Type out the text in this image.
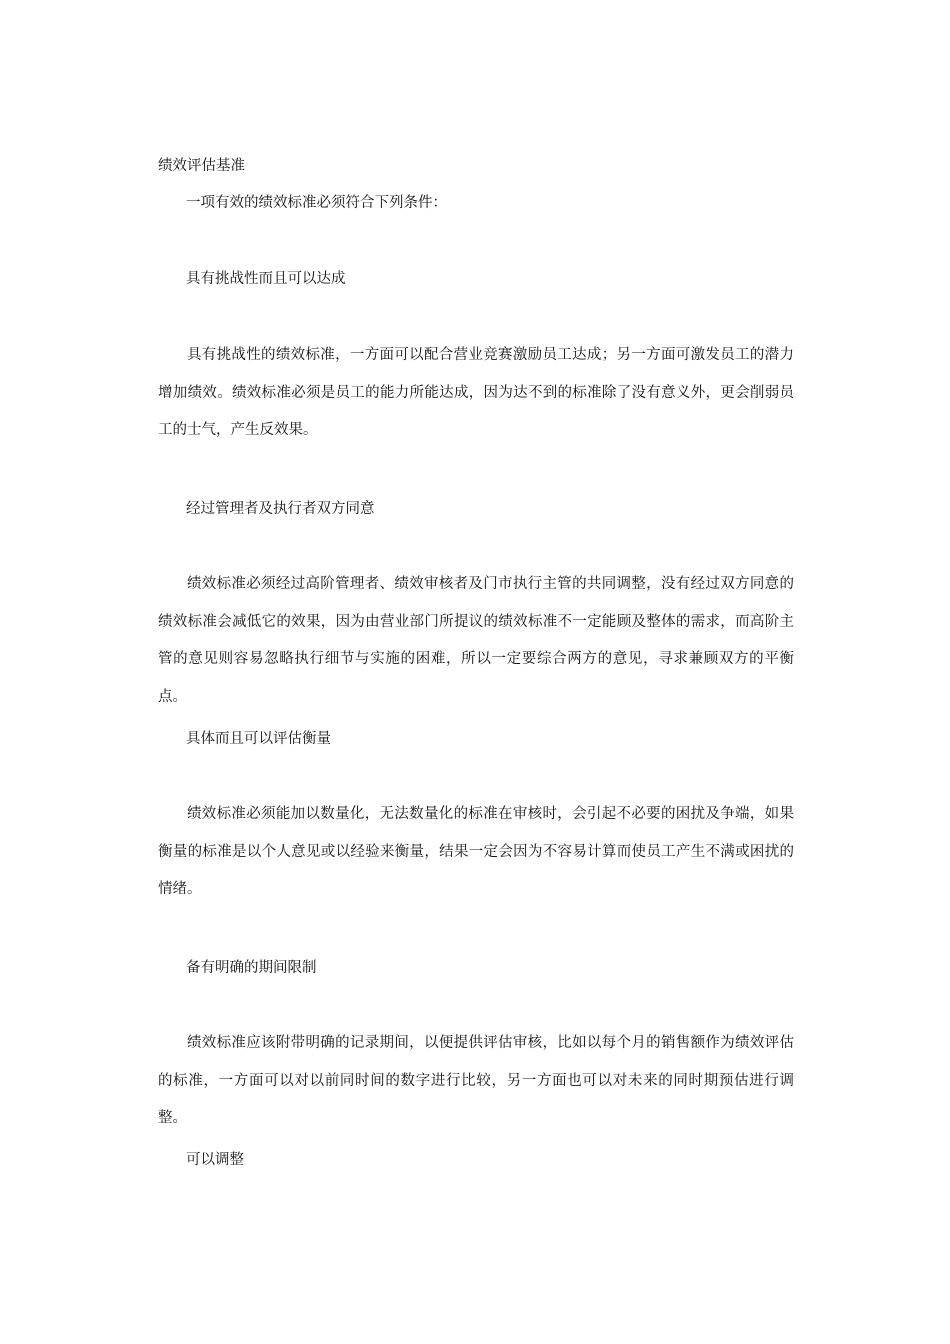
绩效评估基准
一项有效的绩效标准必须符合下列条件：
具有挑战性而且可以达成

具有挑战性的绩效标准，一方面可以配合营业竞赛激励员工达成；另一方面可激发员工的潜力增加绩效。绩效标准必须是员工的能力所能达成，因为达不到的标准除了没有意义外，更会削弱员工的士气，产生反效果。

经过管理者及执行者双方同意

绩效标准必须经过高阶管理者、绩效审核者及门市执行主管的共同调整，没有经过双方同意的绩效标准会减低它的效果，因为由营业部门所提议的绩效标准不一定能顾及整体的需求，而高阶主管的意见则容易忽略执行细节与实施的困难，所以一定要综合两方的意见，寻求兼顾双方的平衡点。

具体而且可以评估衡量

绩效标准必须能加以数量化，无法数量化的标准在审核时，会引起不必要的困扰及争端，如果衡量的标准是以个人意见或以经验来衡量，结果一定会因为不容易计算而使员工产生不满或困扰的情绪。

备有明确的期间限制

绩效标准应该附带明确的记录期间，以便提供评估审核，比如以每个月的销售额作为绩效评估的标准，一方面可以对以前同时间的数字进行比较，另一方面也可以对未来的同时期预估进行调整。

可以调整
